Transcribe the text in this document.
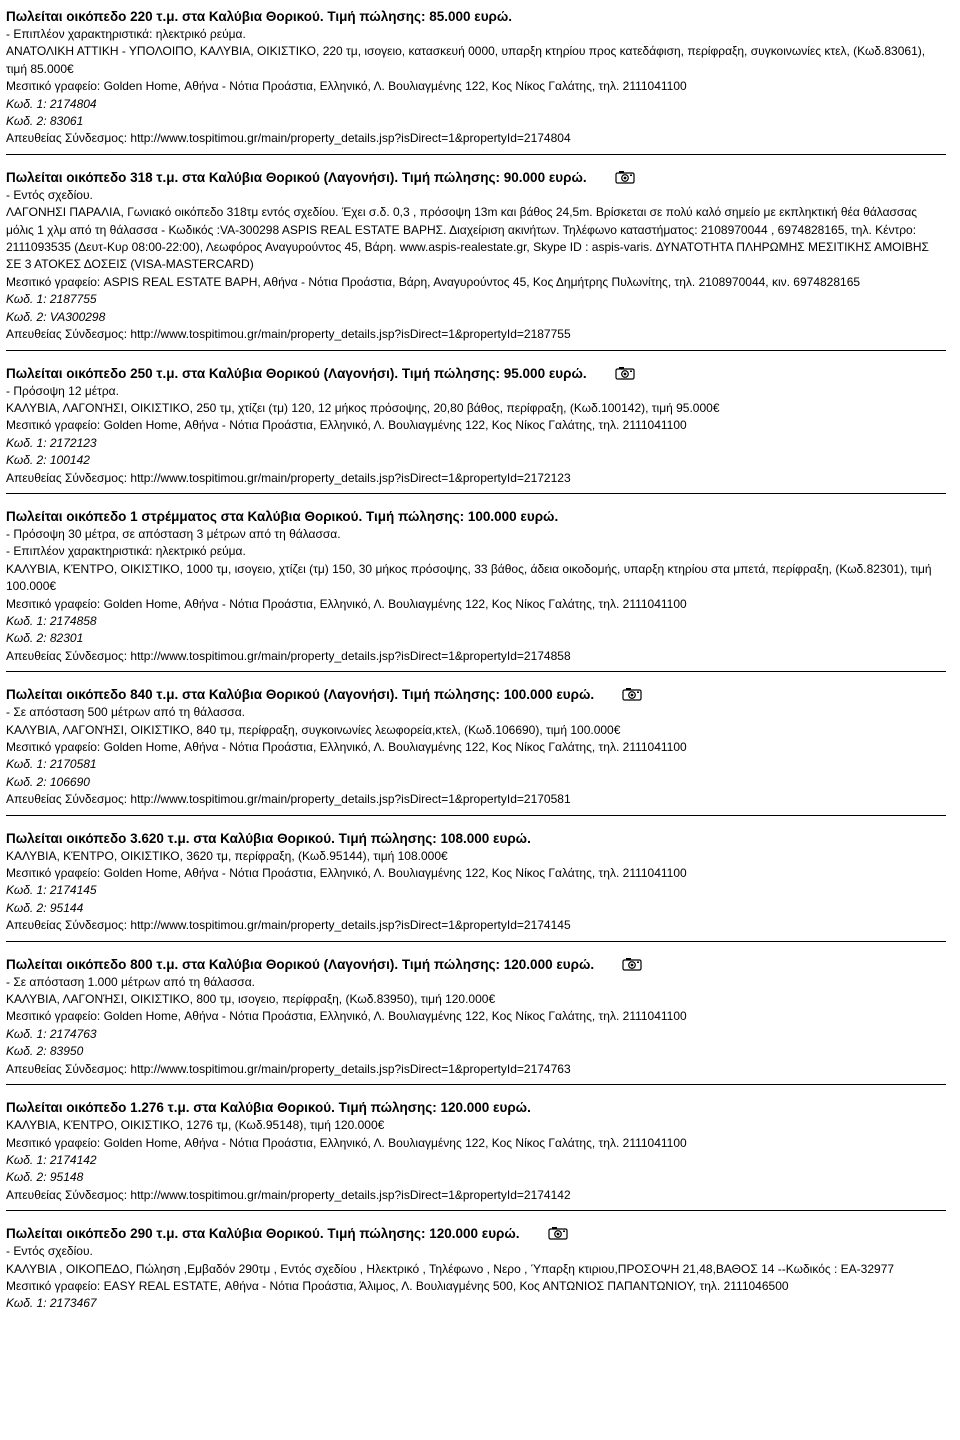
Πωλείται οικόπεδο 220 τ.μ. στα Καλύβια Θορικού. Τιμή πώλησης: 85.000 ευρώ.
- Επιπλέον χαρακτηριστικά: ηλεκτρικό ρεύμα.
ΑΝΑΤΟΛΙΚΗ ΑΤΤΙΚΗ - ΥΠΟΛΟΙΠΟ, ΚΑΛΥΒΙΑ, ΟΙΚΙΣΤΙΚΟ, 220 τμ, ισογειο, κατασκευή 0000, υπαρξη κτηρίου προς κατεδάφιση, περίφραξη, συγκοινωνίες κτελ, (Κωδ.83061), τιμή 85.000€
Μεσιτικό γραφείο: Golden Home, Αθήνα - Νότια Προάστια, Ελληνικό, Λ. Βουλιαγμένης 122, Κος Νίκος Γαλάτης, τηλ. 2111041100
Κωδ. 1: 2174804
Κωδ. 2: 83061
Απευθείας Σύνδεσμος: http://www.tospitimou.gr/main/property_details.jsp?isDirect=1&propertyId=2174804
Πωλείται οικόπεδο 318 τ.μ. στα Καλύβια Θορικού (Λαγονήσι). Τιμή πώλησης: 90.000 ευρώ.
- Εντός σχεδίου.
ΛΑΓΟΝΗΣΙ ΠΑΡΑΛΙΑ, Γωνιακό οικόπεδο 318τμ εντός σχεδίου. Έχει σ.δ. 0,3 , πρόσοψη 13m και βάθος 24,5m. Βρίσκεται σε πολύ καλό σημείο με εκπληκτική θέα θάλασσας μόλις 1 χλμ από τη θάλασσα - Κωδικός :VA-300298 ASPIS REAL ESTATE ΒΑΡΗΣ. Διαχείριση ακινήτων. Τηλέφωνο καταστήματος: 2108970044 , 6974828165, τηλ. Κέντρο: 2111093535 (Δευτ-Κυρ 08:00-22:00), Λεωφόρος Αναγυρούντος 45, Βάρη. www.aspis-realestate.gr, Skype ID : aspis-varis. ΔΥΝΑΤΟΤΗΤΑ ΠΛΗΡΩΜΗΣ ΜΕΣΙΤΙΚΗΣ ΑΜΟΙΒΗΣ ΣΕ 3 ΑΤΟΚΕΣ ΔΟΣΕΙΣ (VISA-MASTERCARD)
Μεσιτικό γραφείο: ASPIS REAL ESTATE ΒΑΡΗ, Αθήνα - Νότια Προάστια, Βάρη, Αναγυρούντος 45, Κος Δημήτρης Πυλωνίτης, τηλ. 2108970044, κιν. 6974828165
Κωδ. 1: 2187755
Κωδ. 2: VA300298
Απευθείας Σύνδεσμος: http://www.tospitimou.gr/main/property_details.jsp?isDirect=1&propertyId=2187755
Πωλείται οικόπεδο 250 τ.μ. στα Καλύβια Θορικού (Λαγονήσι). Τιμή πώλησης: 95.000 ευρώ.
- Πρόσοψη 12 μέτρα.
ΚΑΛΥΒΙΑ, ΛΑΓΟΝΉΣΙ, ΟΙΚΙΣΤΙΚΟ, 250 τμ, χτίζει (τμ) 120, 12 μήκος πρόσοψης, 20,80 βάθος, περίφραξη, (Κωδ.100142), τιμή 95.000€
Μεσιτικό γραφείο: Golden Home, Αθήνα - Νότια Προάστια, Ελληνικό, Λ. Βουλιαγμένης 122, Κος Νίκος Γαλάτης, τηλ. 2111041100
Κωδ. 1: 2172123
Κωδ. 2: 100142
Απευθείας Σύνδεσμος: http://www.tospitimou.gr/main/property_details.jsp?isDirect=1&propertyId=2172123
Πωλείται οικόπεδο 1 στρέμματος στα Καλύβια Θορικού. Τιμή πώλησης: 100.000 ευρώ.
- Πρόσοψη 30 μέτρα, σε απόσταση 3 μέτρων από τη θάλασσα.
- Επιπλέον χαρακτηριστικά: ηλεκτρικό ρεύμα.
ΚΑΛΥΒΙΑ, ΚΈΝΤΡΟ, ΟΙΚΙΣΤΙΚΟ, 1000 τμ, ισογειο, χτίζει (τμ) 150, 30 μήκος πρόσοψης, 33 βάθος, άδεια οικοδομής, υπαρξη κτηρίου στα μπετά, περίφραξη, (Κωδ.82301), τιμή 100.000€
Μεσιτικό γραφείο: Golden Home, Αθήνα - Νότια Προάστια, Ελληνικό, Λ. Βουλιαγμένης 122, Κος Νίκος Γαλάτης, τηλ. 2111041100
Κωδ. 1: 2174858
Κωδ. 2: 82301
Απευθείας Σύνδεσμος: http://www.tospitimou.gr/main/property_details.jsp?isDirect=1&propertyId=2174858
Πωλείται οικόπεδο 840 τ.μ. στα Καλύβια Θορικού (Λαγονήσι). Τιμή πώλησης: 100.000 ευρώ.
- Σε απόσταση 500 μέτρων από τη θάλασσα.
ΚΑΛΥΒΙΑ, ΛΑΓΟΝΉΣΙ, ΟΙΚΙΣΤΙΚΟ, 840 τμ, περίφραξη, συγκοινωνίες λεωφορεία,κτελ, (Κωδ.106690), τιμή 100.000€
Μεσιτικό γραφείο: Golden Home, Αθήνα - Νότια Προάστια, Ελληνικό, Λ. Βουλιαγμένης 122, Κος Νίκος Γαλάτης, τηλ. 2111041100
Κωδ. 1: 2170581
Κωδ. 2: 106690
Απευθείας Σύνδεσμος: http://www.tospitimou.gr/main/property_details.jsp?isDirect=1&propertyId=2170581
Πωλείται οικόπεδο 3.620 τ.μ. στα Καλύβια Θορικού. Τιμή πώλησης: 108.000 ευρώ.
ΚΑΛΥΒΙΑ, ΚΈΝΤΡΟ, ΟΙΚΙΣΤΙΚΟ, 3620 τμ, περίφραξη, (Κωδ.95144), τιμή 108.000€
Μεσιτικό γραφείο: Golden Home, Αθήνα - Νότια Προάστια, Ελληνικό, Λ. Βουλιαγμένης 122, Κος Νίκος Γαλάτης, τηλ. 2111041100
Κωδ. 1: 2174145
Κωδ. 2: 95144
Απευθείας Σύνδεσμος: http://www.tospitimou.gr/main/property_details.jsp?isDirect=1&propertyId=2174145
Πωλείται οικόπεδο 800 τ.μ. στα Καλύβια Θορικού (Λαγονήσι). Τιμή πώλησης: 120.000 ευρώ.
- Σε απόσταση 1.000 μέτρων από τη θάλασσα.
ΚΑΛΥΒΙΑ, ΛΑΓΟΝΉΣΙ, ΟΙΚΙΣΤΙΚΟ, 800 τμ, ισογειο, περίφραξη, (Κωδ.83950), τιμή 120.000€
Μεσιτικό γραφείο: Golden Home, Αθήνα - Νότια Προάστια, Ελληνικό, Λ. Βουλιαγμένης 122, Κος Νίκος Γαλάτης, τηλ. 2111041100
Κωδ. 1: 2174763
Κωδ. 2: 83950
Απευθείας Σύνδεσμος: http://www.tospitimou.gr/main/property_details.jsp?isDirect=1&propertyId=2174763
Πωλείται οικόπεδο 1.276 τ.μ. στα Καλύβια Θορικού. Τιμή πώλησης: 120.000 ευρώ.
ΚΑΛΥΒΙΑ, ΚΈΝΤΡΟ, ΟΙΚΙΣΤΙΚΟ, 1276 τμ, (Κωδ.95148), τιμή 120.000€
Μεσιτικό γραφείο: Golden Home, Αθήνα - Νότια Προάστια, Ελληνικό, Λ. Βουλιαγμένης 122, Κος Νίκος Γαλάτης, τηλ. 2111041100
Κωδ. 1: 2174142
Κωδ. 2: 95148
Απευθείας Σύνδεσμος: http://www.tospitimou.gr/main/property_details.jsp?isDirect=1&propertyId=2174142
Πωλείται οικόπεδο 290 τ.μ. στα Καλύβια Θορικού. Τιμή πώλησης: 120.000 ευρώ.
- Εντός σχεδίου.
ΚΑΛΥΒΙΑ , ΟΙΚΟΠΕΔΟ, Πώληση ,Εμβαδόν 290τμ , Εντός σχεδίου , Ηλεκτρικό , Τηλέφωνο , Νερο , Ύπαρξη κτιριου,ΠΡΟΣΟΨΗ 21,48,ΒΑΘΟΣ 14 --Κωδικός : ΕΑ-32977
Μεσιτικό γραφείο: EASY REAL ESTATE, Αθήνα - Νότια Προάστια, Άλιμος, Λ. Βουλιαγμένης 500, Κος ΑΝΤΩΝΙΟΣ ΠΑΠΑΝΤΩΝΙΟΥ, τηλ. 2111046500
Κωδ. 1: 2173467
